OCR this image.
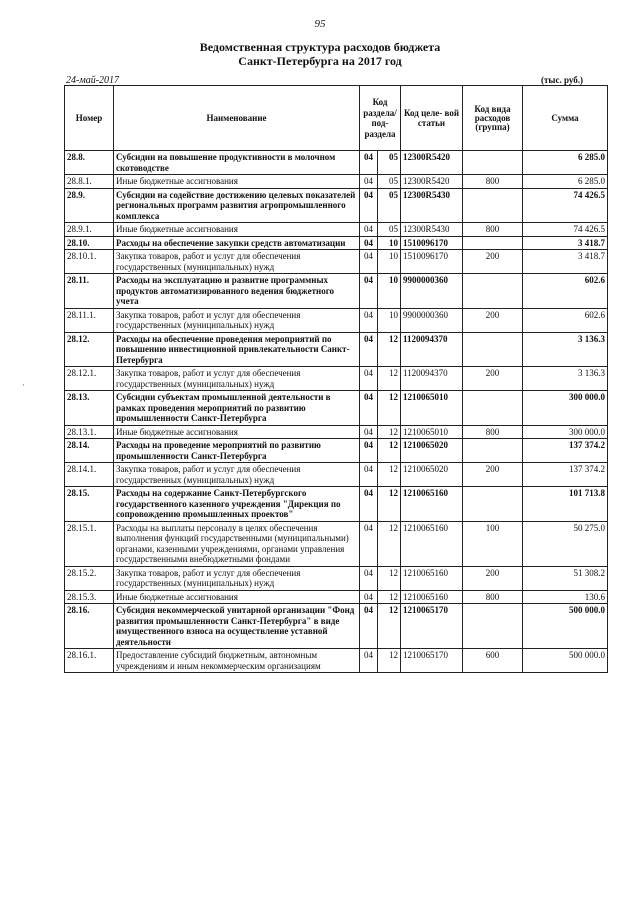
95
Ведомственная структура расходов бюджета
Санкт-Петербурга на 2017 год
24-май-2017	(тыс. руб.)
Номер	Наименование	Код раздела/ под- раздела		Код целе- вой статьи	Код вида расходов (группа)	Сумма
28.8.	Субсидии на повышение продуктивности в молочном скотоводстве	04	05	12300R5420		6 285.0
28.8.1.	Иные бюджетные ассигнования	04	05	12300R5420	800	6 285.0
28.9.	Субсидии на содействие достижению целевых показателей региональных программ развития агропромышленного комплекса	04	05	12300R5430		74 426.5
28.9.1.	Иные бюджетные ассигнования	04	05	12300R5430	800	74 426.5
28.10.	Расходы на обеспечение закупки средств автоматизации	04	10	1510096170		3 418.7
28.10.1.	Закупка товаров, работ и услуг для обеспечения государственных (муниципальных) нужд	04	10	1510096170	200	3 418.7
28.11.	Расходы на эксплуатацию и развитие программных продуктов автоматизированного ведения бюджетного учета	04	10	9900000360		602.6
28.11.1.	Закупка товаров, работ и услуг для обеспечения государственных (муниципальных) нужд	04	10	9900000360	200	602.6
28.12.	Расходы на обеспечение проведения мероприятий по повышению инвестиционной привлекательности Санкт-Петербурга	04	12	1120094370		3 136.3
28.12.1.	Закупка товаров, работ и услуг для обеспечения государственных (муниципальных) нужд	04	12	1120094370	200	3 136.3
28.13.	Субсидии субъектам промышленной деятельности в рамках проведения мероприятий по развитию промышленности Санкт-Петербурга	04	12	1210065010		300 000.0
28.13.1.	Иные бюджетные ассигнования	04	12	1210065010	800	300 000.0
28.14.	Расходы на проведение мероприятий по развитию промышленности Санкт-Петербурга	04	12	1210065020		137 374.2
28.14.1.	Закупка товаров, работ и услуг для обеспечения государственных (муниципальных) нужд	04	12	1210065020	200	137 374.2
28.15.	Расходы на содержание Санкт-Петербургского государственного казенного учреждения "Дирекция по сопровождению промышленных проектов"	04	12	1210065160		101 713.8
28.15.1.	Расходы на выплаты персоналу в целях обеспечения выполнения функций государственными (муниципальными) органами, казенными учреждениями, органами управления государственными внебюджетными фондами	04	12	1210065160	100	50 275.0
28.15.2.	Закупка товаров, работ и услуг для обеспечения государственных (муниципальных) нужд	04	12	1210065160	200	51 308.2
28.15.3.	Иные бюджетные ассигнования	04	12	1210065160	800	130.6
28.16.	Субсидия некоммерческой унитарной организации "Фонд развития промышленности Санкт-Петербурга" в виде имущественного взноса на осуществление уставной деятельности	04	12	1210065170		500 000.0
28.16.1.	Предоставление субсидий бюджетным, автономным учреждениям и иным некоммерческим организациям	04	12	1210065170	600	500 000.0
·
